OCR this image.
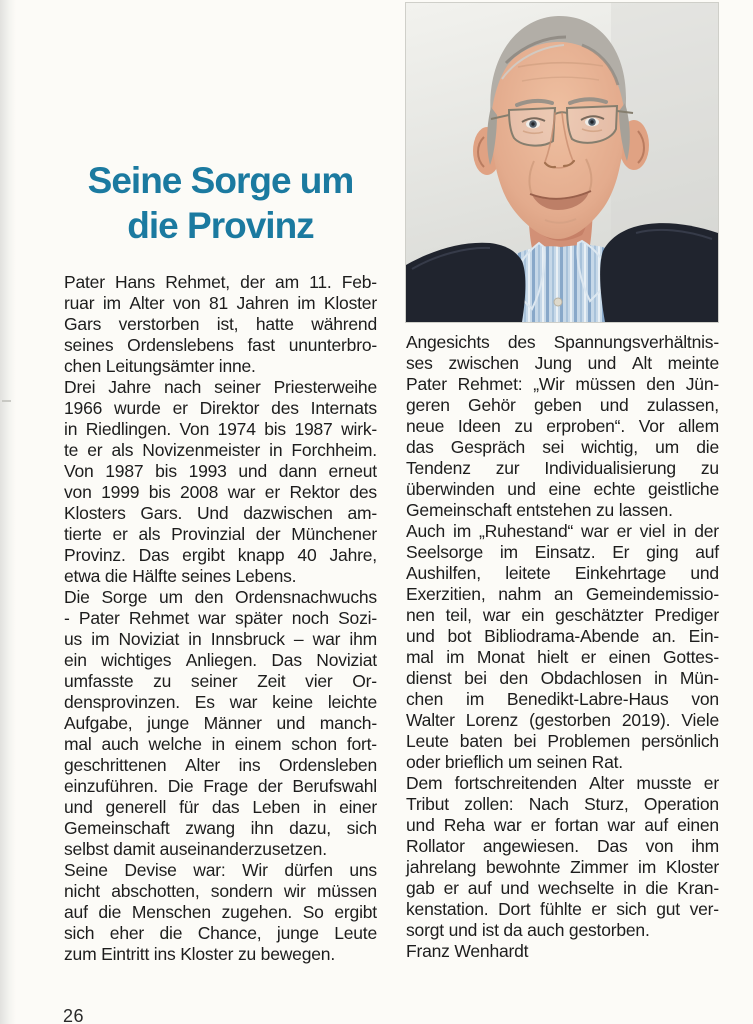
Seine Sorge um
die Provinz
Pater Hans Rehmet, der am 11. Feb-
ruar im Alter von 81 Jahren im Kloster
Gars verstorben ist, hatte während
seines Ordenslebens fast ununterbro-
chen Leitungsämter inne.
Drei Jahre nach seiner Priesterweihe
1966 wurde er Direktor des Internats
in Riedlingen. Von 1974 bis 1987 wirk-
te er als Novizenmeister in Forchheim.
Von 1987 bis 1993 und dann erneut
von 1999 bis 2008 war er Rektor des
Klosters Gars. Und dazwischen am-
tierte er als Provinzial der Münchener
Provinz. Das ergibt knapp 40 Jahre,
etwa die Hälfte seines Lebens.
Die Sorge um den Ordensnachwuchs
- Pater Rehmet war später noch Sozi-
us im Noviziat in Innsbruck – war ihm
ein wichtiges Anliegen. Das Noviziat
umfasste zu seiner Zeit vier Or-
densprovinzen. Es war keine leichte
Aufgabe, junge Männer und manch-
mal auch welche in einem schon fort-
geschrittenen Alter ins Ordensleben
einzuführen. Die Frage der Berufswahl
und generell für das Leben in einer
Gemeinschaft zwang ihn dazu, sich
selbst damit auseinanderzusetzen.
Seine Devise war: Wir dürfen uns
nicht abschotten, sondern wir müssen
auf die Menschen zugehen. So ergibt
sich eher die Chance, junge Leute
zum Eintritt ins Kloster zu bewegen.
Angesichts des Spannungsverhältnis-
ses zwischen Jung und Alt meinte
Pater Rehmet: „Wir müssen den Jün-
geren Gehör geben und zulassen,
neue Ideen zu erproben“. Vor allem
das Gespräch sei wichtig, um die
Tendenz zur Individualisierung zu
überwinden und eine echte geistliche
Gemeinschaft entstehen zu lassen.
Auch im „Ruhestand“ war er viel in der
Seelsorge im Einsatz. Er ging auf
Aushilfen, leitete Einkehrtage und
Exerzitien, nahm an Gemeindemissio-
nen teil, war ein geschätzter Prediger
und bot Bibliodrama-Abende an. Ein-
mal im Monat hielt er einen Gottes-
dienst bei den Obdachlosen in Mün-
chen im Benedikt-Labre-Haus von
Walter Lorenz (gestorben 2019). Viele
Leute baten bei Problemen persönlich
oder brieflich um seinen Rat.
Dem fortschreitenden Alter musste er
Tribut zollen: Nach Sturz, Operation
und Reha war er fortan war auf einen
Rollator angewiesen. Das von ihm
jahrelang bewohnte Zimmer im Kloster
gab er auf und wechselte in die Kran-
kenstation. Dort fühlte er sich gut ver-
sorgt und ist da auch gestorben.
Franz Wenhardt
26
